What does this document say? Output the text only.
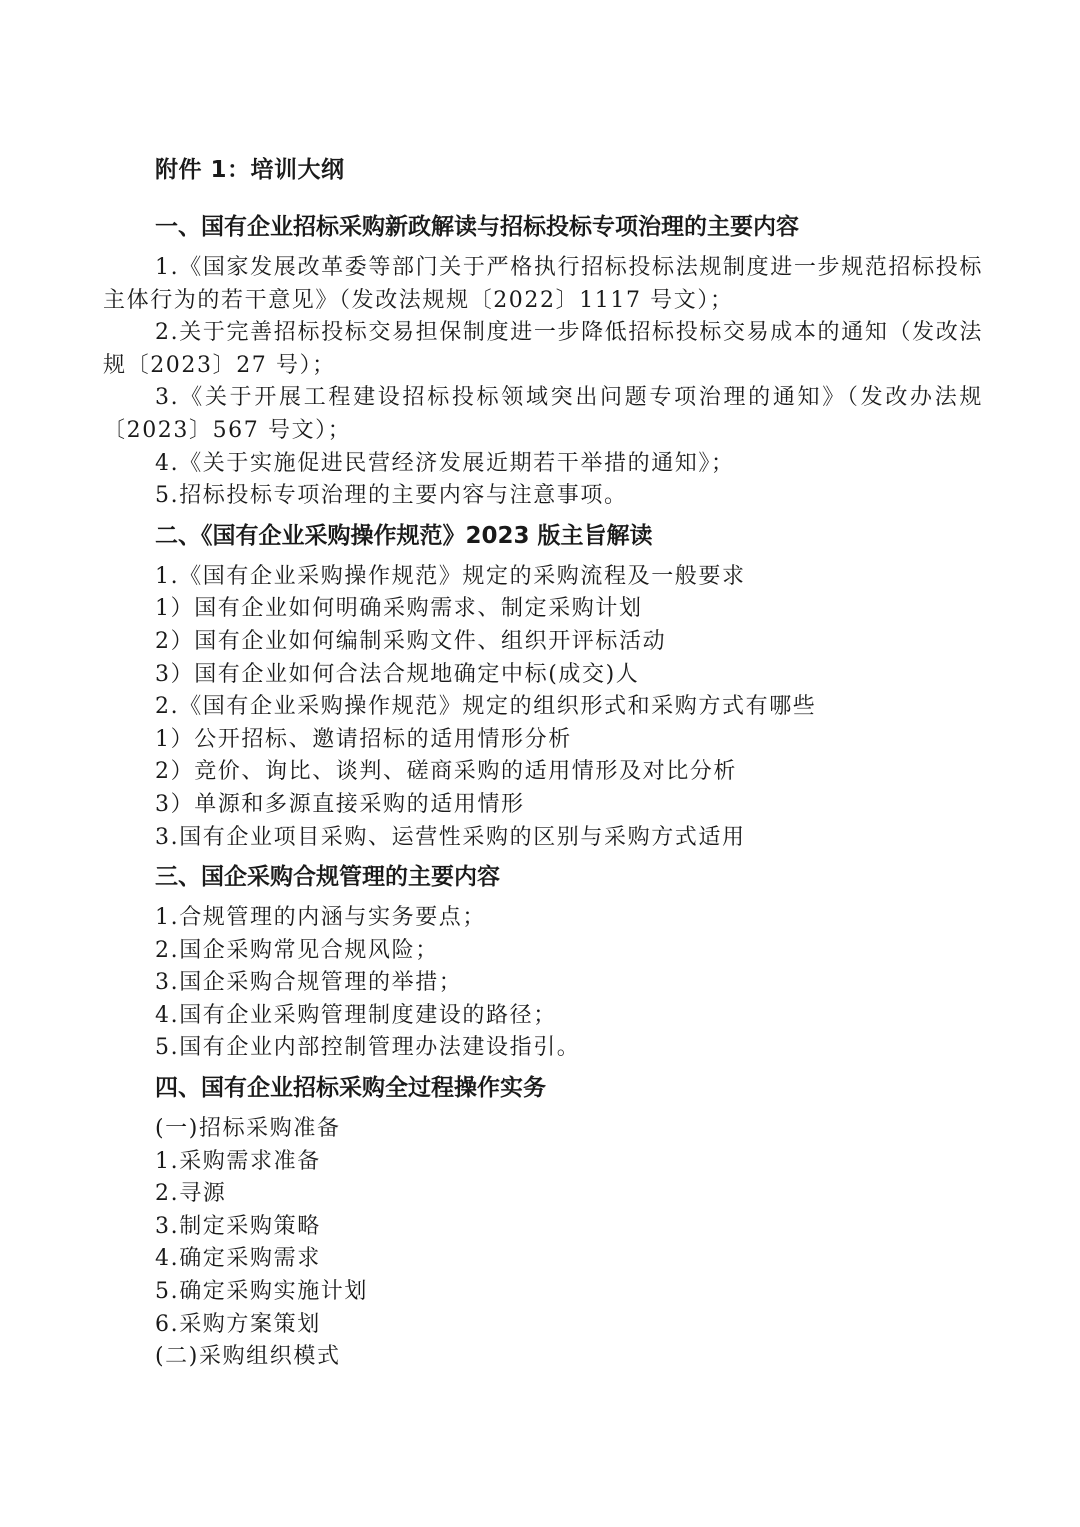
附件 1：培训大纲
一、国有企业招标采购新政解读与招标投标专项治理的主要内容
1.《国家发展改革委等部门关于严格执行招标投标法规制度进一步规范招标投标主体行为的若干意见》（发改法规规〔2022〕1117 号文）；
2.关于完善招标投标交易担保制度进一步降低招标投标交易成本的通知（发改法规〔2023〕27 号）；
3.《关于开展工程建设招标投标领域突出问题专项治理的通知》（发改办法规〔2023〕567 号文）；
4.《关于实施促进民营经济发展近期若干举措的通知》；
5.招标投标专项治理的主要内容与注意事项。
二、《国有企业采购操作规范》2023 版主旨解读
1.《国有企业采购操作规范》规定的采购流程及一般要求
1）国有企业如何明确采购需求、制定采购计划
2）国有企业如何编制采购文件、组织开评标活动
3）国有企业如何合法合规地确定中标(成交)人
2.《国有企业采购操作规范》规定的组织形式和采购方式有哪些
1）公开招标、邀请招标的适用情形分析
2）竞价、询比、谈判、磋商采购的适用情形及对比分析
3）单源和多源直接采购的适用情形
3.国有企业项目采购、运营性采购的区别与采购方式适用
三、国企采购合规管理的主要内容
1.合规管理的内涵与实务要点；
2.国企采购常见合规风险；
3.国企采购合规管理的举措；
4.国有企业采购管理制度建设的路径；
5.国有企业内部控制管理办法建设指引。
四、国有企业招标采购全过程操作实务
(一)招标采购准备
1.采购需求准备
2.寻源
3.制定采购策略
4.确定采购需求
5.确定采购实施计划
6.采购方案策划
(二)采购组织模式
